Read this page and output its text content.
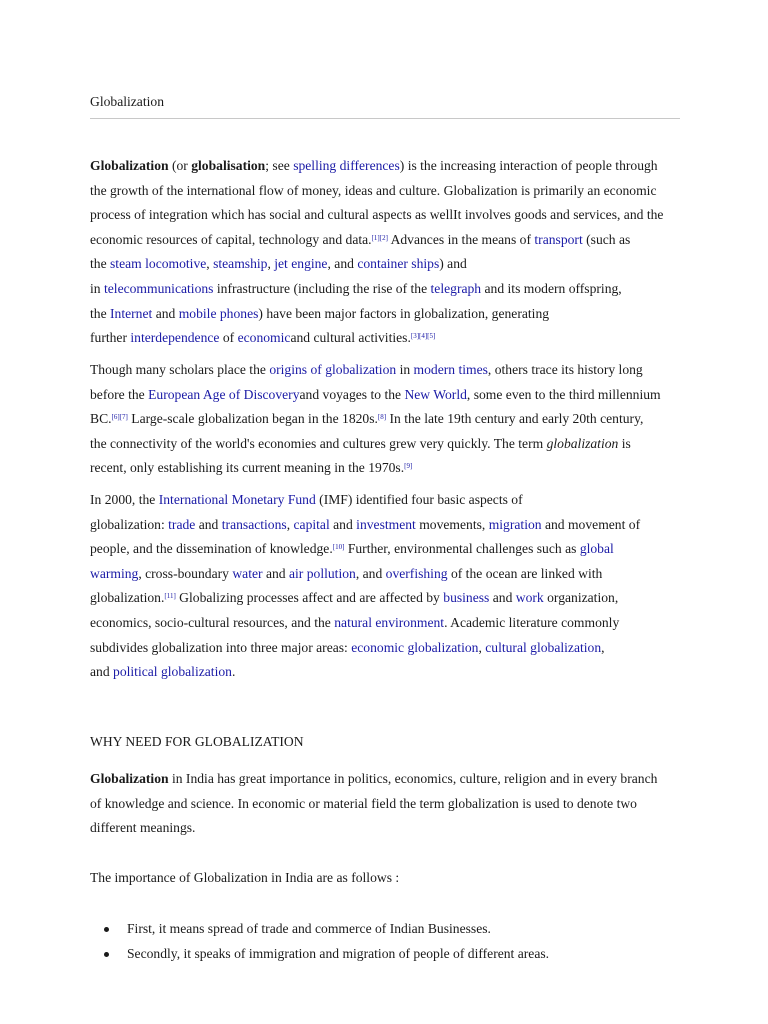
Globalization

Globalization (or globalisation; see spelling differences) is the increasing interaction of people through
the growth of the international flow of money, ideas and culture. Globalization is primarily an economic
process of integration which has social and cultural aspects as wellIt involves goods and services, and the
economic resources of capital, technology and data.[1][2] Advances in the means of transport (such as
the steam locomotive, steamship, jet engine, and container ships) and
in telecommunications infrastructure (including the rise of the telegraph and its modern offspring,
the Internet and mobile phones) have been major factors in globalization, generating
further interdependence of economicand cultural activities.[3][4][5]

Though many scholars place the origins of globalization in modern times, others trace its history long
before the European Age of Discoveryand voyages to the New World, some even to the third millennium
BC.[6][7] Large-scale globalization began in the 1820s.[8] In the late 19th century and early 20th century,
the connectivity of the world's economies and cultures grew very quickly. The term globalization is
recent, only establishing its current meaning in the 1970s.[9]

In 2000, the International Monetary Fund (IMF) identified four basic aspects of
globalization: trade and transactions, capital and investment movements, migration and movement of
people, and the dissemination of knowledge.[10] Further, environmental challenges such as global
warming, cross-boundary water and air pollution, and overfishing of the ocean are linked with
globalization.[11] Globalizing processes affect and are affected by business and work organization,
economics, socio-cultural resources, and the natural environment. Academic literature commonly
subdivides globalization into three major areas: economic globalization, cultural globalization,
and political globalization.

WHY NEED FOR GLOBALIZATION

Globalization in India has great importance in politics, economics, culture, religion and in every branch
of knowledge and science. In economic or material field the term globalization is used to denote two
different meanings.

The importance of Globalization in India are as follows :

First, it means spread of trade and commerce of Indian Businesses.
Secondly, it speaks of immigration and migration of people of different areas.
